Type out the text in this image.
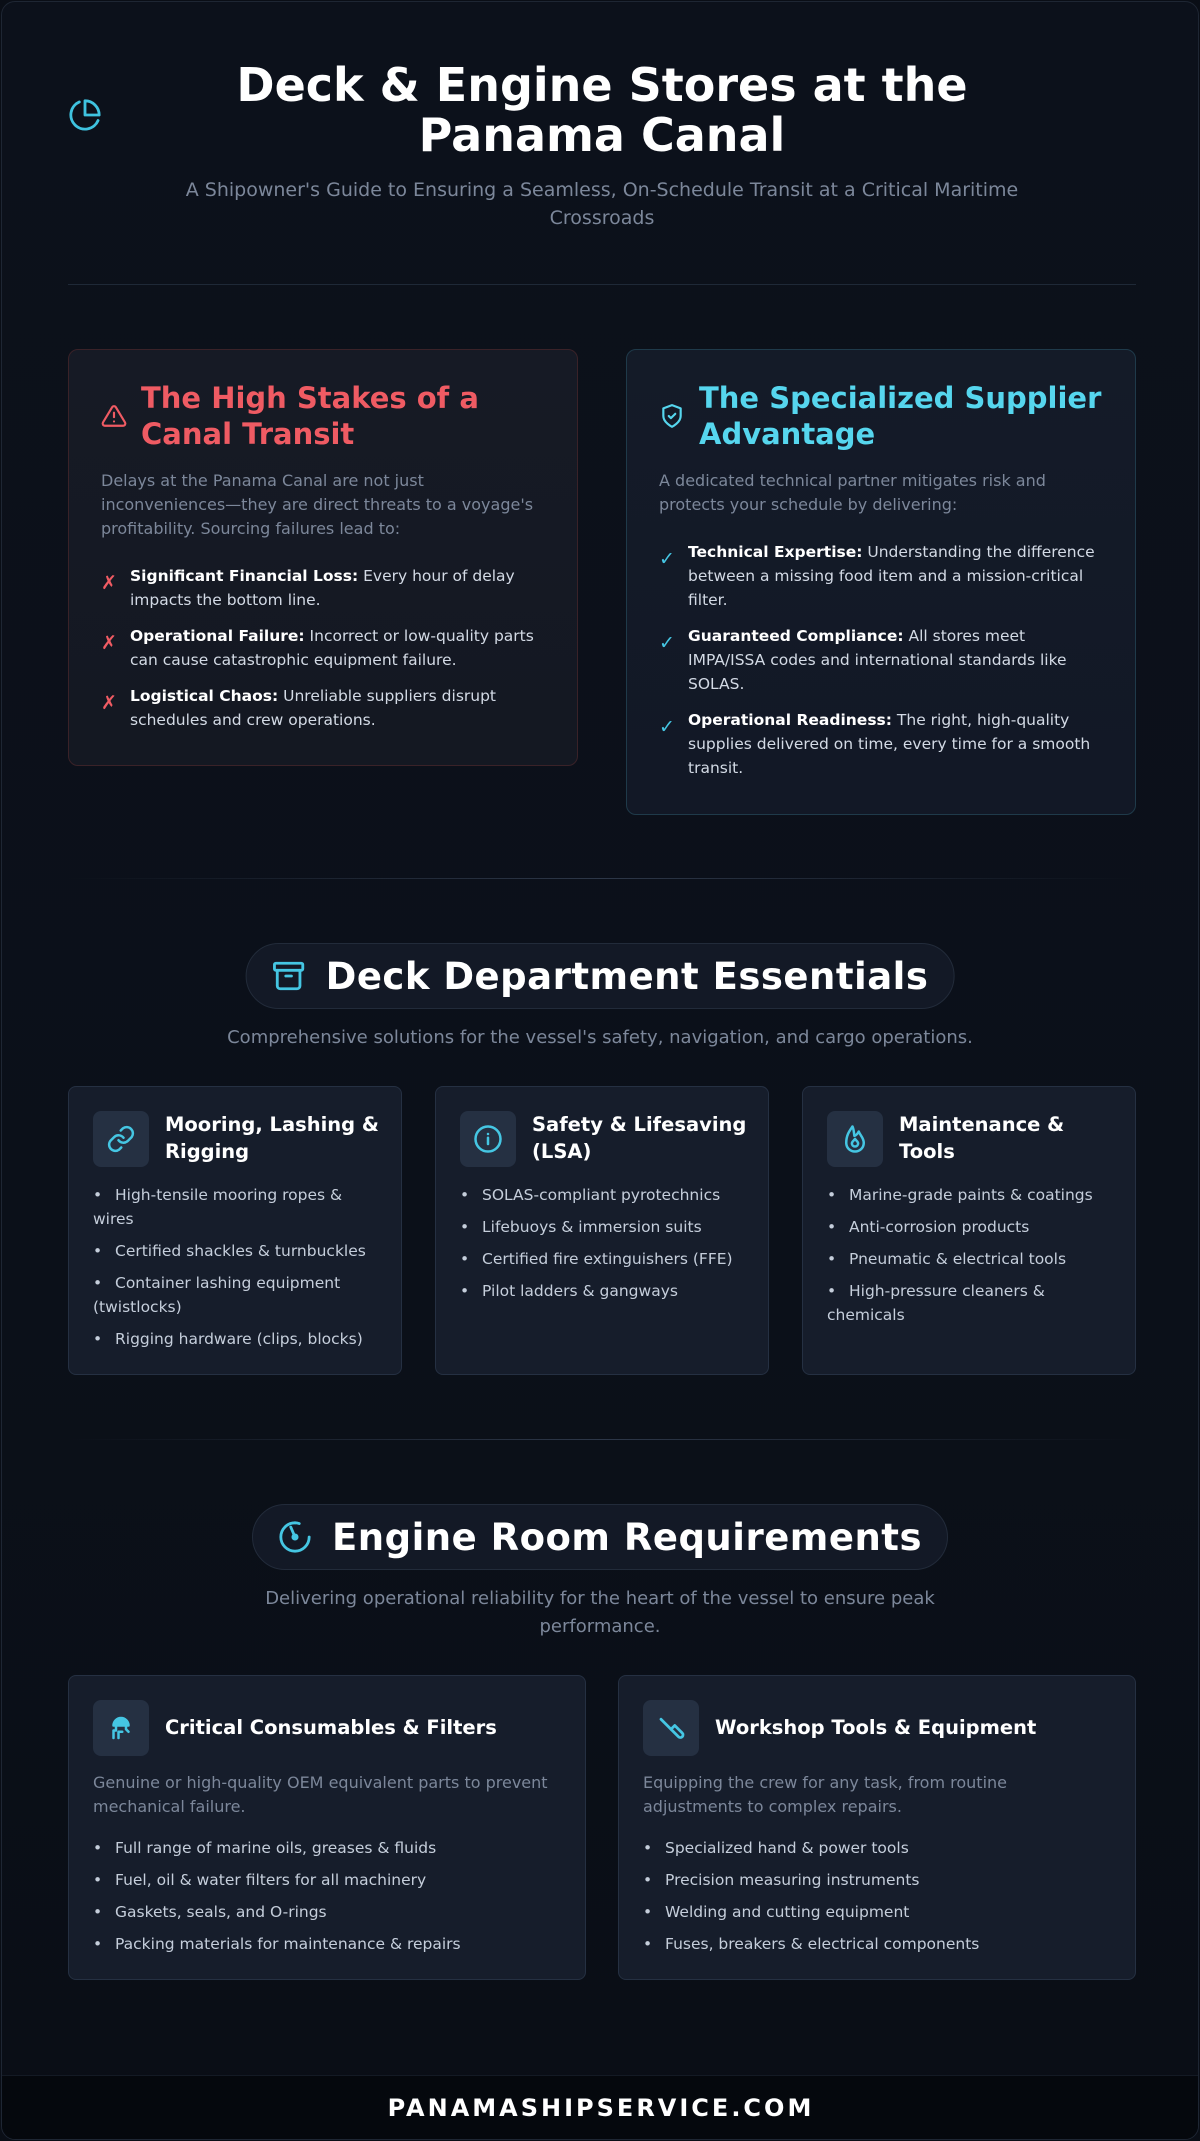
Deck & Engine Stores at the Panama Canal

A Shipowner's Guide to Ensuring a Seamless, On-Schedule Transit at a Critical Maritime Crossroads

The High Stakes of a Canal Transit

Delays at the Panama Canal are not just inconveniences—they are direct threats to a voyage's profitability. Sourcing failures lead to:

✗ Significant Financial Loss: Every hour of delay impacts the bottom line.
✗ Operational Failure: Incorrect or low-quality parts can cause catastrophic equipment failure.
✗ Logistical Chaos: Unreliable suppliers disrupt schedules and crew operations.
The Specialized Supplier Advantage

A dedicated technical partner mitigates risk and protects your schedule by delivering:

✓ Technical Expertise: Understanding the difference between a missing food item and a mission-critical filter.
✓ Guaranteed Compliance: All stores meet IMPA/ISSA codes and international standards like SOLAS.
✓ Operational Readiness: The right, high-quality supplies delivered on time, every time for a smooth transit.
Deck Department Essentials

Comprehensive solutions for the vessel's safety, navigation, and cargo operations.

Mooring, Lashing & Rigging
• High-tensile mooring ropes & wires
• Certified shackles & turnbuckles
• Container lashing equipment (twistlocks)
• Rigging hardware (clips, blocks)
Safety & Lifesaving (LSA)
• SOLAS-compliant pyrotechnics
• Lifebuoys & immersion suits
• Certified fire extinguishers (FFE)
• Pilot ladders & gangways
Maintenance & Tools
• Marine-grade paints & coatings
• Anti-corrosion products
• Pneumatic & electrical tools
• High-pressure cleaners & chemicals
Engine Room Requirements

Delivering operational reliability for the heart of the vessel to ensure peak performance.

Critical Consumables & Filters

Genuine or high-quality OEM equivalent parts to prevent mechanical failure.

• Full range of marine oils, greases & fluids
• Fuel, oil & water filters for all machinery
• Gaskets, seals, and O-rings
• Packing materials for maintenance & repairs
Workshop Tools & Equipment

Equipping the crew for any task, from routine adjustments to complex repairs.

• Specialized hand & power tools
• Precision measuring instruments
• Welding and cutting equipment
• Fuses, breakers & electrical components
PANAMASHIPSERVICE.COM
